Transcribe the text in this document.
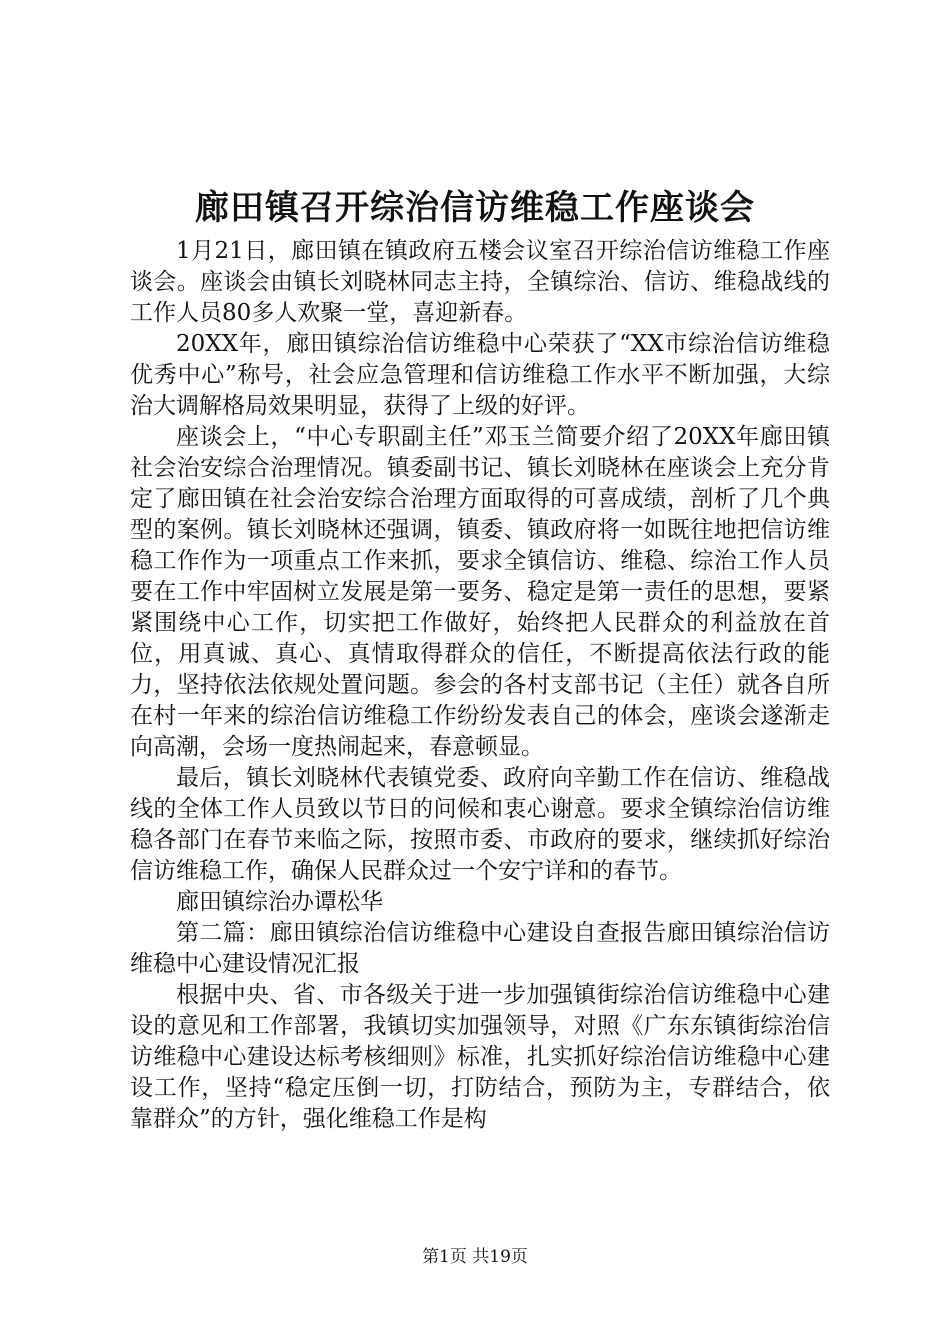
廊田镇召开综治信访维稳工作座谈会

1月21日，廊田镇在镇政府五楼会议室召开综治信访维稳工作座谈会。座谈会由镇长刘晓林同志主持，全镇综治、信访、维稳战线的工作人员80多人欢聚一堂，喜迎新春。

20XX年，廊田镇综治信访维稳中心荣获了“XX市综治信访维稳优秀中心”称号，社会应急管理和信访维稳工作水平不断加强，大综治大调解格局效果明显，获得了上级的好评。

座谈会上，“中心专职副主任”邓玉兰简要介绍了20XX年廊田镇社会治安综合治理情况。镇委副书记、镇长刘晓林在座谈会上充分肯定了廊田镇在社会治安综合治理方面取得的可喜成绩，剖析了几个典型的案例。镇长刘晓林还强调，镇委、镇政府将一如既往地把信访维稳工作作为一项重点工作来抓，要求全镇信访、维稳、综治工作人员要在工作中牢固树立发展是第一要务、稳定是第一责任的思想，要紧紧围绕中心工作，切实把工作做好，始终把人民群众的利益放在首位，用真诚、真心、真情取得群众的信任，不断提高依法行政的能力，坚持依法依规处置问题。参会的各村支部书记（主任）就各自所在村一年来的综治信访维稳工作纷纷发表自己的体会，座谈会遂渐走向高潮，会场一度热闹起来，春意顿显。

最后，镇长刘晓林代表镇党委、政府向辛勤工作在信访、维稳战线的全体工作人员致以节日的问候和衷心谢意。要求全镇综治信访维稳各部门在春节来临之际，按照市委、市政府的要求，继续抓好综治信访维稳工作，确保人民群众过一个安宁详和的春节。

廊田镇综治办谭松华

第二篇：廊田镇综治信访维稳中心建设自查报告廊田镇综治信访维稳中心建设情况汇报

根据中央、省、市各级关于进一步加强镇街综治信访维稳中心建设的意见和工作部署，我镇切实加强领导，对照《广东东镇街综治信访维稳中心建设达标考核细则》标准，扎实抓好综治信访维稳中心建设工作，坚持“稳定压倒一切，打防结合，预防为主，专群结合，依靠群众”的方针，强化维稳工作是构

第1页 共19页
